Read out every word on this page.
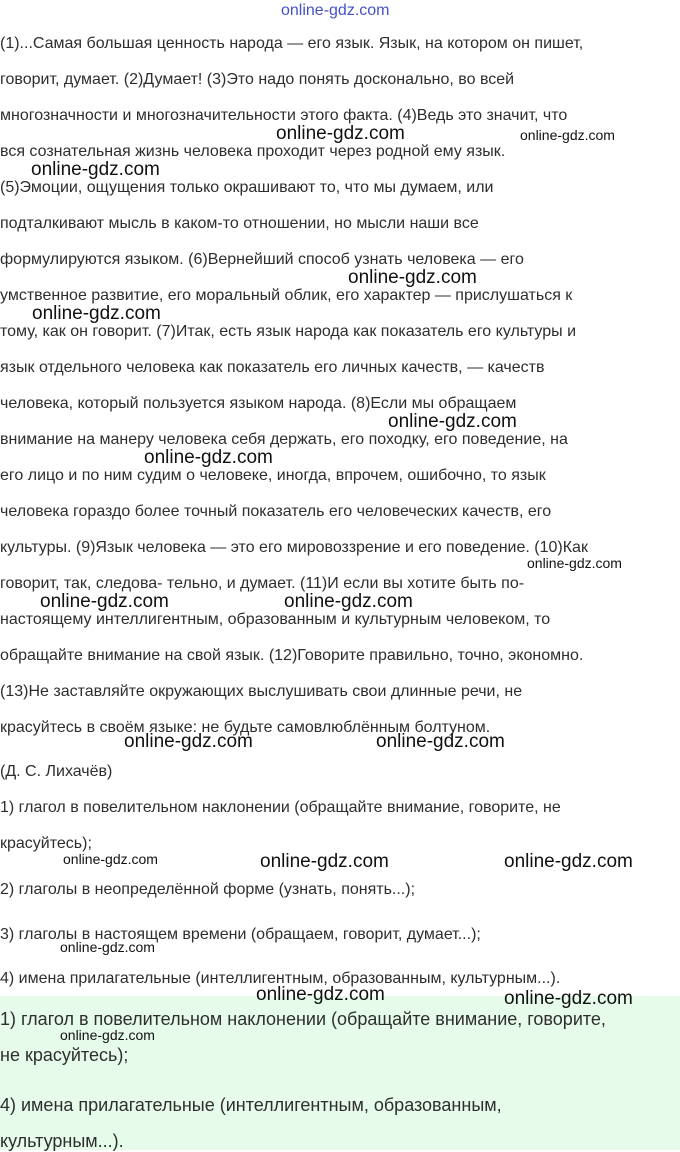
online-gdz.com
(1)...Самая большая ценность народа — его язык. Язык, на котором он пишет,
говорит, думает. (2)Думает! (3)Это надо понять досконально, во всей
многозначности и многозначительности этого факта. (4)Ведь это значит, что
вся сознательная жизнь человека проходит через родной ему язык.
(5)Эмоции, ощущения только окрашивают то, что мы думаем, или
подталкивают мысль в каком-то отношении, но мысли наши все
формулируются языком. (6)Вернейший способ узнать человека — его
умственное развитие, его моральный облик, его характер — прислушаться к
тому, как он говорит. (7)Итак, есть язык народа как показатель его культуры и
язык отдельного человека как показатель его личных качеств, — качеств
человека, который пользуется языком народа. (8)Если мы обращаем
внимание на манеру человека себя держать, его походку, его поведение, на
его лицо и по ним судим о человеке, иногда, впрочем, ошибочно, то язык
человека гораздо более точный показатель его человеческих качеств, его
культуры. (9)Язык человека — это его мировоззрение и его поведение. (10)Как
говорит, так, следова- тельно, и думает. (11)И если вы хотите быть по-
настоящему интеллигентным, образованным и культурным человеком, то
обращайте внимание на свой язык. (12)Говорите правильно, точно, экономно.
(13)Не заставляйте окружающих выслушивать свои длинные речи, не
красуйтесь в своём языке: не будьте самовлюблённым болтуном.
(Д. С. Лихачёв)
1) глагол в повелительном наклонении (обращайте внимание, говорите, не
красуйтесь);
2) глаголы в неопределённой форме (узнать, понять...);
3) глаголы в настоящем времени (обращаем, говорит, думает...);
4) имена прилагательные (интеллигентным, образованным, культурным...).
1) глагол в повелительном наклонении (обращайте внимание, говорите,
не красуйтесь);
4) имена прилагательные (интеллигентным, образованным,
культурным...).
online-gdz.com	online-gdz.com
online-gdz.com
online-gdz.com
online-gdz.com
online-gdz.com
online-gdz.com
online-gdz.com
online-gdz.com	online-gdz.com
online-gdz.com	online-gdz.com
online-gdz.com	online-gdz.com	online-gdz.com
online-gdz.com
online-gdz.com	online-gdz.com
online-gdz.com
